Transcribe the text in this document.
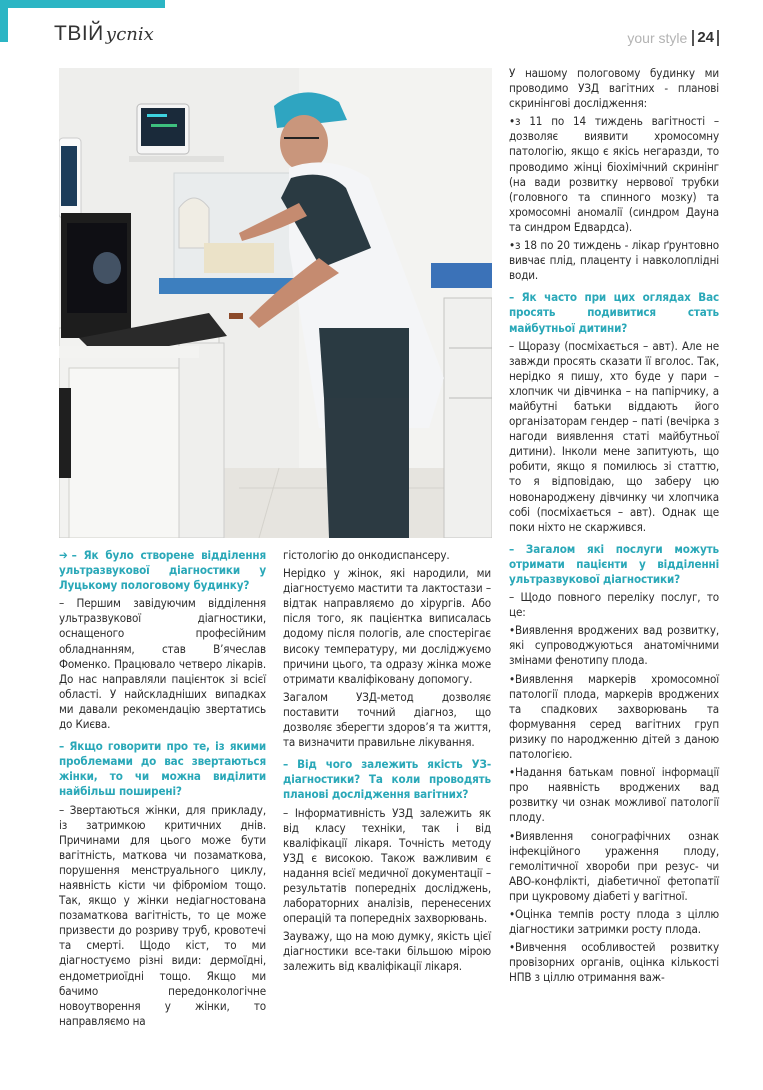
ТВІЙ успіх	your style 24

➔ – Як було створене відділення ультразвукової діагностики у Луцькому пологовому будинку?

– Першим завідуючим відділення ультразвукової діагностики, оснащеного професійним обладнанням, став В’ячеслав Фоменко. Працювало четверо лікарів. До нас направляли пацієнток зі всієї області. У найскладніших випадках ми давали рекомендацію звертатись до Києва.

– Якщо говорити про те, із якими проблемами до вас звертаються жінки, то чи можна виділити найбільш поширені?

– Звертаються жінки, для прикладу, із затримкою критичних днів. Причинами для цього може бути вагітність, маткова чи позаматкова, порушення менструального циклу, наявність кісти чи фіброміом тощо. Так, якщо у жінки недіагностована позаматкова вагітність, то це може призвести до розриву труб, кровотечі та смерті. Щодо кіст, то ми діагностуємо різні види: дермоїдні, ендометриоїдні тощо. Якщо ми бачимо передонкологічне новоутворення у жінки, то направляємо на

гістологію до онкодиспансеру.

Нерідко у жінок, які народили, ми діагностуємо мастити та лактостази – відтак направляємо до хірургів. Або після того, як пацієнтка виписалась додому після пологів, але спостерігає високу температуру, ми досліджуємо причини цього, та одразу жінка може отримати кваліфіковану допомогу.

Загалом УЗД-метод дозволяє поставити точний діагноз, що дозволяє зберегти здоров’я та життя, та визначити правильне лікування.

– Від чого залежить якість УЗ-діагностики? Та коли проводять планові дослідження вагітних?

– Інформативність УЗД залежить як від класу техніки, так і від кваліфікації лікаря. Точність методу УЗД є високою. Також важливим є надання всієї медичної документації – результатів попередніх досліджень, лабораторних аналізів, перенесених операцій та попередніх захворювань.

Зауважу, що на мою думку, якість цієї діагностики все-таки більшою мірою залежить від кваліфікації лікаря.

У нашому пологовому будинку ми проводимо УЗД вагітних - планові скринінгові дослідження:

• з 11 по 14 тиждень вагітності – дозволяє виявити хромосомну патологію, якщо є якісь негаразди, то проводимо жінці біохімічний скринінг (на вади розвитку нервової трубки (головного та спинного мозку) та хромосомні аномалії (синдром Дауна та синдром Едвардса).

• з 18 по 20 тиждень - лікар ґрунтовно вивчає плід, плаценту і навколоплідні води.

– Як часто при цих оглядах Вас просять подивитися стать майбутньої дитини?

– Щоразу (посміхається – авт). Але не завжди просять сказати її вголос. Так, нерідко я пишу, хто буде у пари – хлопчик чи дівчинка – на папірчику, а майбутні батьки віддають його організаторам гендер – паті (вечірка з нагоди виявлення статі майбутньої дитини). Інколи мене запитують, що робити, якщо я помилюсь зі статтю, то я відповідаю, що заберу цю новонароджену дівчинку чи хлопчика собі (посміхається – авт). Однак ще поки ніхто не скаржився.

– Загалом які послуги можуть отримати пацієнти у відділенні ультразвукової діагностики?

– Щодо повного переліку послуг, то це:

• Виявлення вроджених вад розвитку, які супроводжуються анатомічними змінами фенотипу плода.

• Виявлення маркерів хромосомної патології плода, маркерів вроджених та спадкових захворювань та формування серед вагітних груп ризику по народженню дітей з даною патологією.

• Надання батькам повної інформації про наявність вроджених вад розвитку чи ознак можливої патології плоду.

• Виявлення сонографічних ознак інфекційного ураження плоду, гемолітичної хвороби при резус- чи АВО-конфлікті, діабетичної фетопатії при цукровому діабеті у вагітної.

• Оцінка темпів росту плода з ціллю діагностики затримки росту плода.

• Вивчення особливостей розвитку провізорних органів, оцінка кількості НПВ з ціллю отримання важ-
